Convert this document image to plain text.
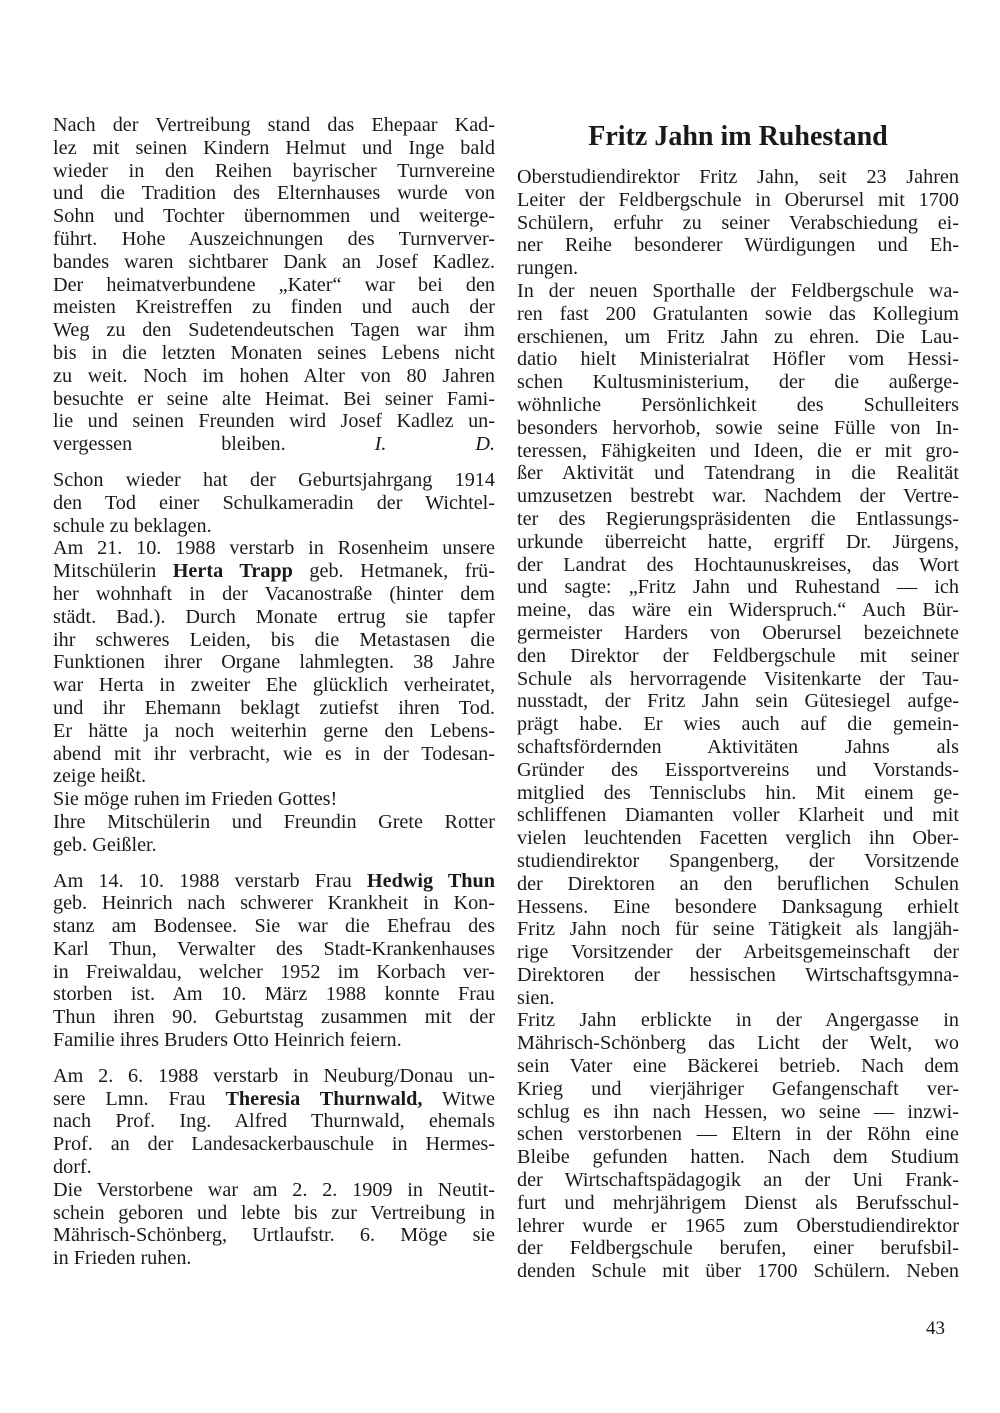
Nach der Vertreibung stand das Ehepaar Kad-
lez mit seinen Kindern Helmut und Inge bald
wieder in den Reihen bayrischer Turnvereine
und die Tradition des Elternhauses wurde von
Sohn und Tochter übernommen und weiterge-
führt. Hohe Auszeichnungen des Turnverver-
bandes waren sichtbarer Dank an Josef Kadlez.
Der heimatverbundene „Kater“ war bei den
meisten Kreistreffen zu finden und auch der
Weg zu den Sudetendeutschen Tagen war ihm
bis in die letzten Monaten seines Lebens nicht
zu weit. Noch im hohen Alter von 80 Jahren
besuchte er seine alte Heimat. Bei seiner Fami-
lie und seinen Freunden wird Josef Kadlez un-
vergessen bleiben.	I. D.
Schon wieder hat der Geburtsjahrgang 1914
den Tod einer Schulkameradin der Wichtel-
schule zu beklagen.
Am 21. 10. 1988 verstarb in Rosenheim unsere
Mitschülerin Herta Trapp geb. Hetmanek, frü-
her wohnhaft in der Vacanostraße (hinter dem
städt. Bad.). Durch Monate ertrug sie tapfer
ihr schweres Leiden, bis die Metastasen die
Funktionen ihrer Organe lahmlegten. 38 Jahre
war Herta in zweiter Ehe glücklich verheiratet,
und ihr Ehemann beklagt zutiefst ihren Tod.
Er hätte ja noch weiterhin gerne den Lebens-
abend mit ihr verbracht, wie es in der Todesan-
zeige heißt.
Sie möge ruhen im Frieden Gottes!
Ihre Mitschülerin und Freundin Grete Rotter
geb. Geißler.
Am 14. 10. 1988 verstarb Frau Hedwig Thun
geb. Heinrich nach schwerer Krankheit in Kon-
stanz am Bodensee. Sie war die Ehefrau des
Karl Thun, Verwalter des Stadt-Krankenhauses
in Freiwaldau, welcher 1952 im Korbach ver-
storben ist. Am 10. März 1988 konnte Frau
Thun ihren 90. Geburtstag zusammen mit der
Familie ihres Bruders Otto Heinrich feiern.
Am 2. 6. 1988 verstarb in Neuburg/Donau un-
sere Lmn. Frau Theresia Thurnwald, Witwe
nach Prof. Ing. Alfred Thurnwald, ehemals
Prof. an der Landesackerbauschule in Hermes-
dorf.
Die Verstorbene war am 2. 2. 1909 in Neutit-
schein geboren und lebte bis zur Vertreibung in
Mährisch-Schönberg, Urtlaufstr. 6. Möge sie
in Frieden ruhen.
Fritz Jahn im Ruhestand
Oberstudiendirektor Fritz Jahn, seit 23 Jahren
Leiter der Feldbergschule in Oberursel mit 1700
Schülern, erfuhr zu seiner Verabschiedung ei-
ner Reihe besonderer Würdigungen und Eh-
rungen.
In der neuen Sporthalle der Feldbergschule wa-
ren fast 200 Gratulanten sowie das Kollegium
erschienen, um Fritz Jahn zu ehren. Die Lau-
datio hielt Ministerialrat Höfler vom Hessi-
schen Kultusministerium, der die außerge-
wöhnliche Persönlichkeit des Schulleiters
besonders hervorhob, sowie seine Fülle von In-
teressen, Fähigkeiten und Ideen, die er mit gro-
ßer Aktivität und Tatendrang in die Realität
umzusetzen bestrebt war. Nachdem der Vertre-
ter des Regierungspräsidenten die Entlassungs-
urkunde überreicht hatte, ergriff Dr. Jürgens,
der Landrat des Hochtaunuskreises, das Wort
und sagte: „Fritz Jahn und Ruhestand — ich
meine, das wäre ein Widerspruch.“ Auch Bür-
germeister Harders von Oberursel bezeichnete
den Direktor der Feldbergschule mit seiner
Schule als hervorragende Visitenkarte der Tau-
nusstadt, der Fritz Jahn sein Gütesiegel aufge-
prägt habe. Er wies auch auf die gemein-
schaftsfördernden Aktivitäten Jahns als
Gründer des Eissportvereins und Vorstands-
mitglied des Tennisclubs hin. Mit einem ge-
schliffenen Diamanten voller Klarheit und mit
vielen leuchtenden Facetten verglich ihn Ober-
studiendirektor Spangenberg, der Vorsitzende
der Direktoren an den beruflichen Schulen
Hessens. Eine besondere Danksagung erhielt
Fritz Jahn noch für seine Tätigkeit als langjäh-
rige Vorsitzender der Arbeitsgemeinschaft der
Direktoren der hessischen Wirtschaftsgymna-
sien.
Fritz Jahn erblickte in der Angergasse in
Mährisch-Schönberg das Licht der Welt, wo
sein Vater eine Bäckerei betrieb. Nach dem
Krieg und vierjähriger Gefangenschaft ver-
schlug es ihn nach Hessen, wo seine — inzwi-
schen verstorbenen — Eltern in der Röhn eine
Bleibe gefunden hatten. Nach dem Studium
der Wirtschaftspädagogik an der Uni Frank-
furt und mehrjährigem Dienst als Berufsschul-
lehrer wurde er 1965 zum Oberstudiendirektor
der Feldbergschule berufen, einer berufsbil-
denden Schule mit über 1700 Schülern. Neben
43
